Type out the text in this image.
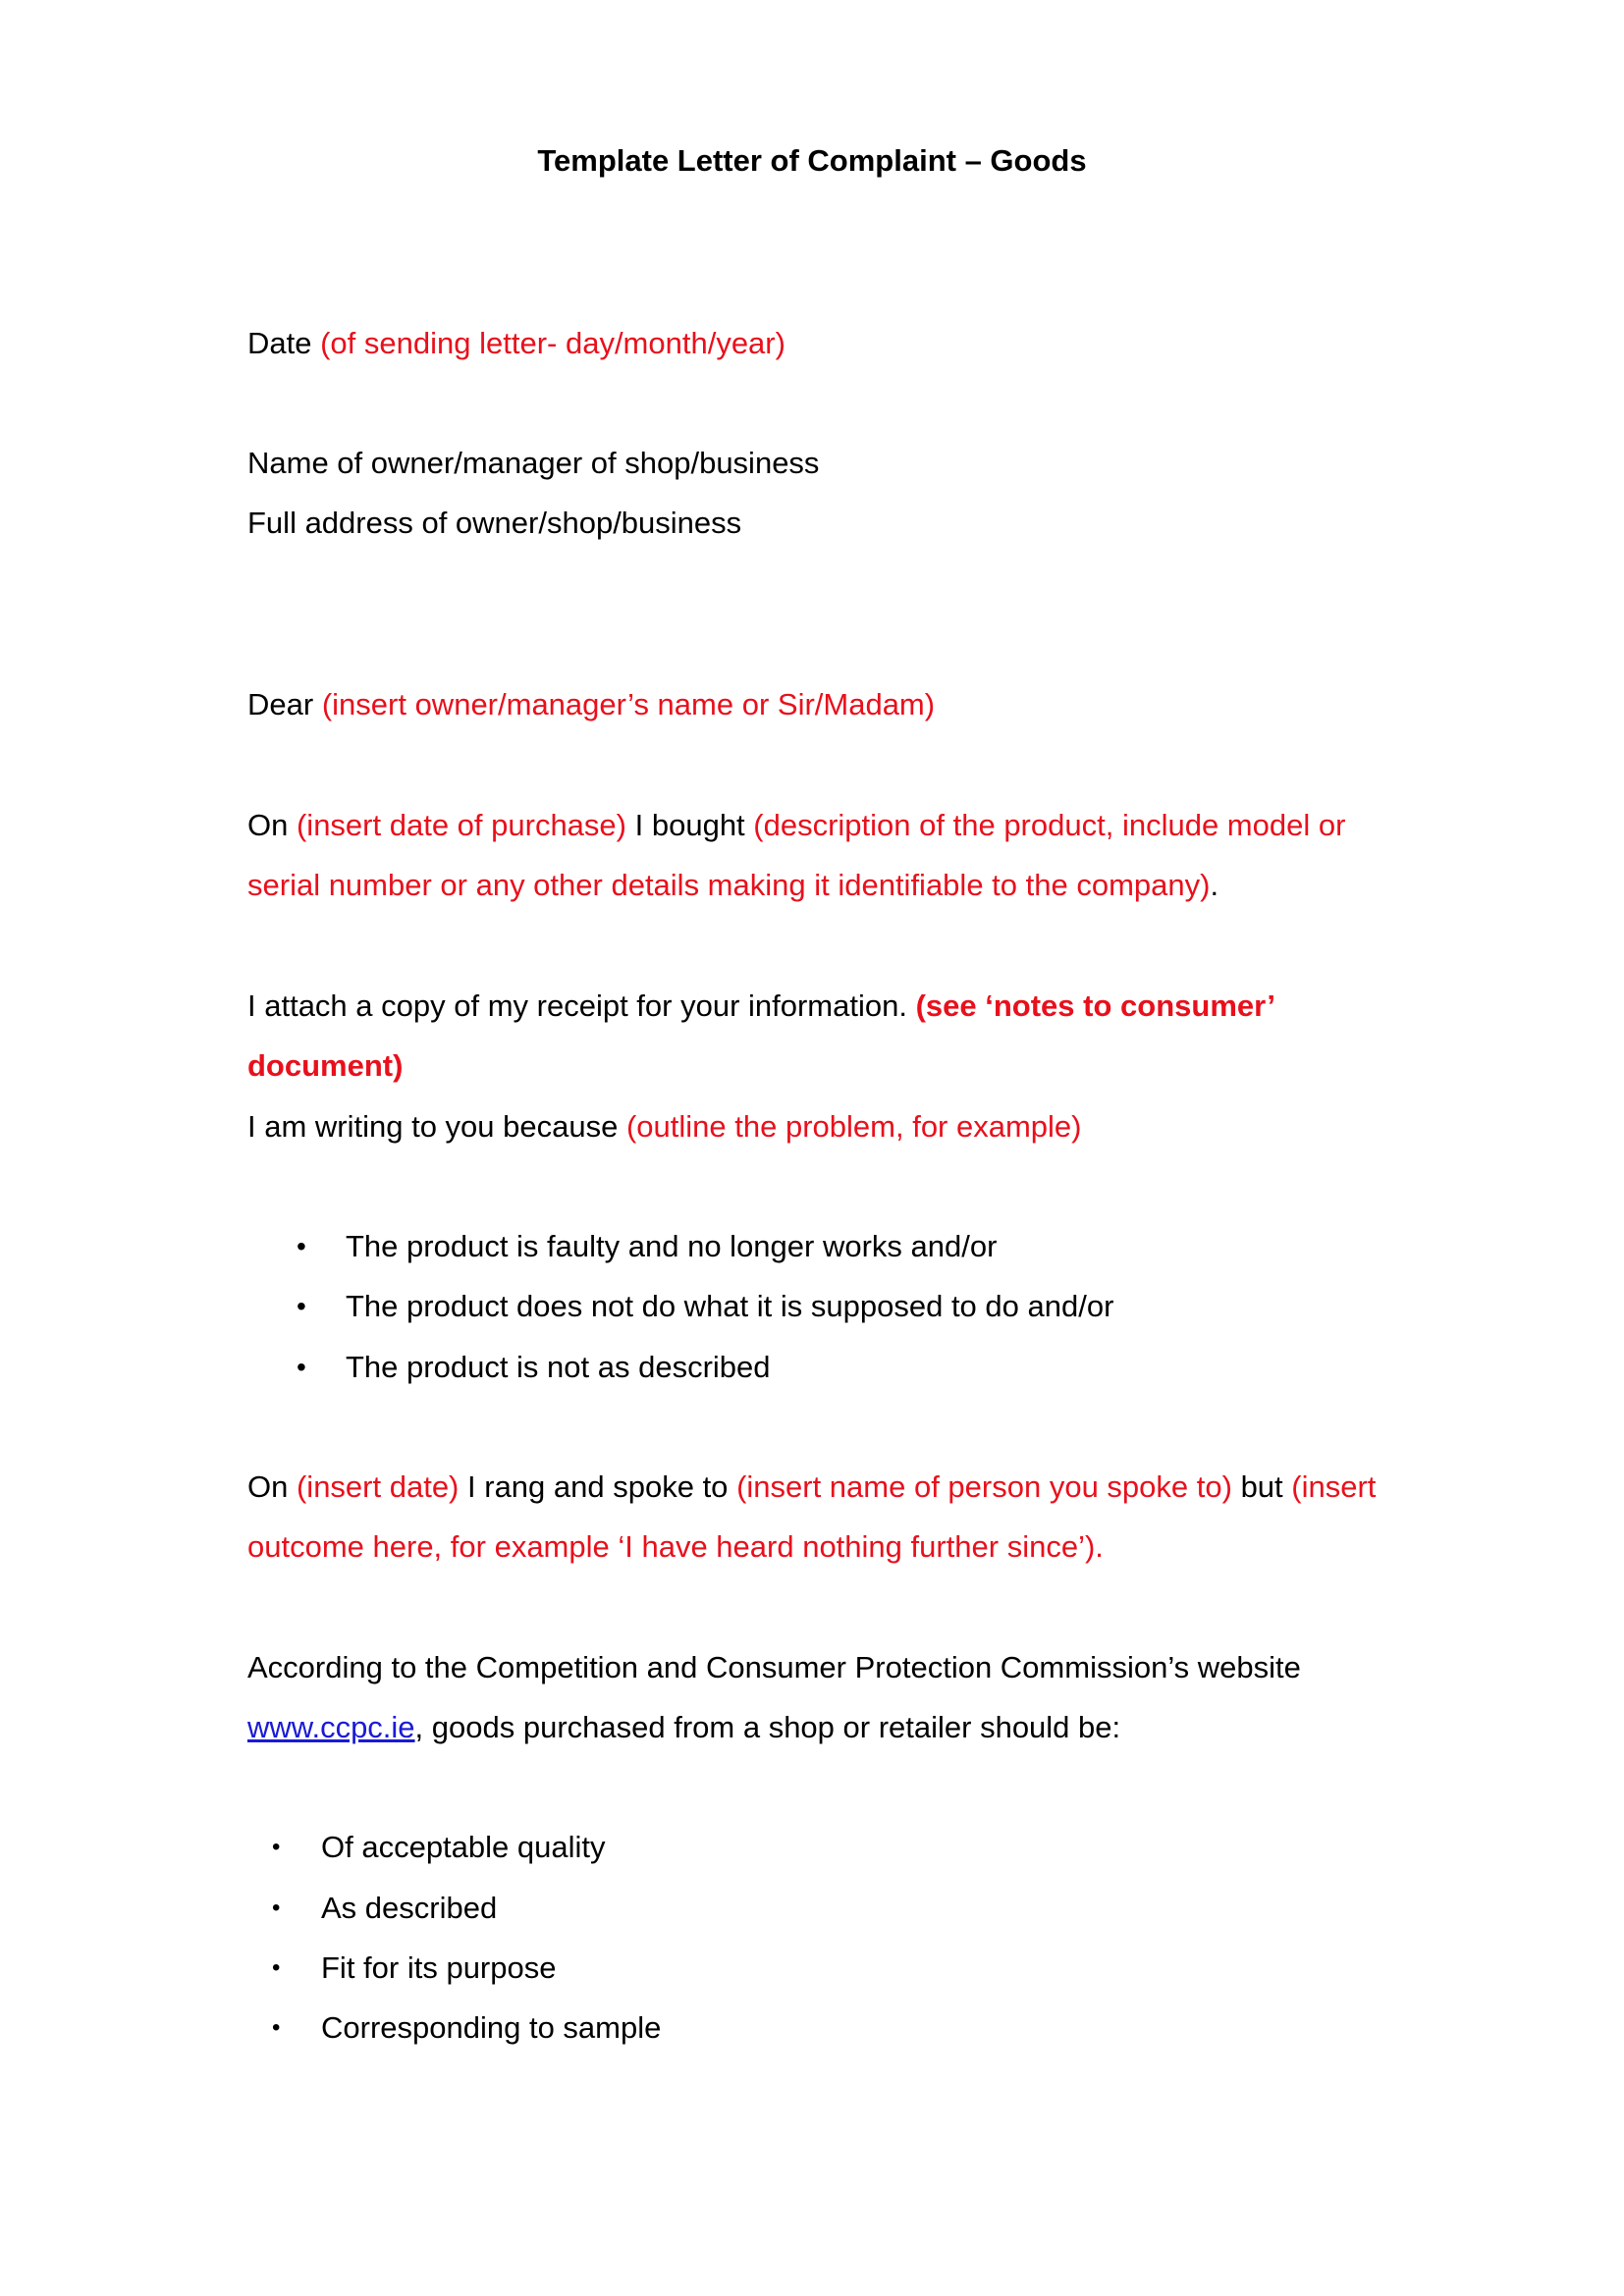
Template Letter of Complaint – Goods
Date (of sending letter- day/month/year)
Name of owner/manager of shop/business
Full address of owner/shop/business
Dear (insert owner/manager’s name or Sir/Madam)
On (insert date of purchase) I bought (description of the product, include model or
serial number or any other details making it identifiable to the company).
I attach a copy of my receipt for your information. (see ‘notes to consumer’
document)
I am writing to you because (outline the problem, for example)
• The product is faulty and no longer works and/or
• The product does not do what it is supposed to do and/or
• The product is not as described
On (insert date) I rang and spoke to (insert name of person you spoke to) but (insert
outcome here, for example ‘I have heard nothing further since’).
According to the Competition and Consumer Protection Commission’s website
www.ccpc.ie, goods purchased from a shop or retailer should be:
• Of acceptable quality
• As described
• Fit for its purpose
• Corresponding to sample
